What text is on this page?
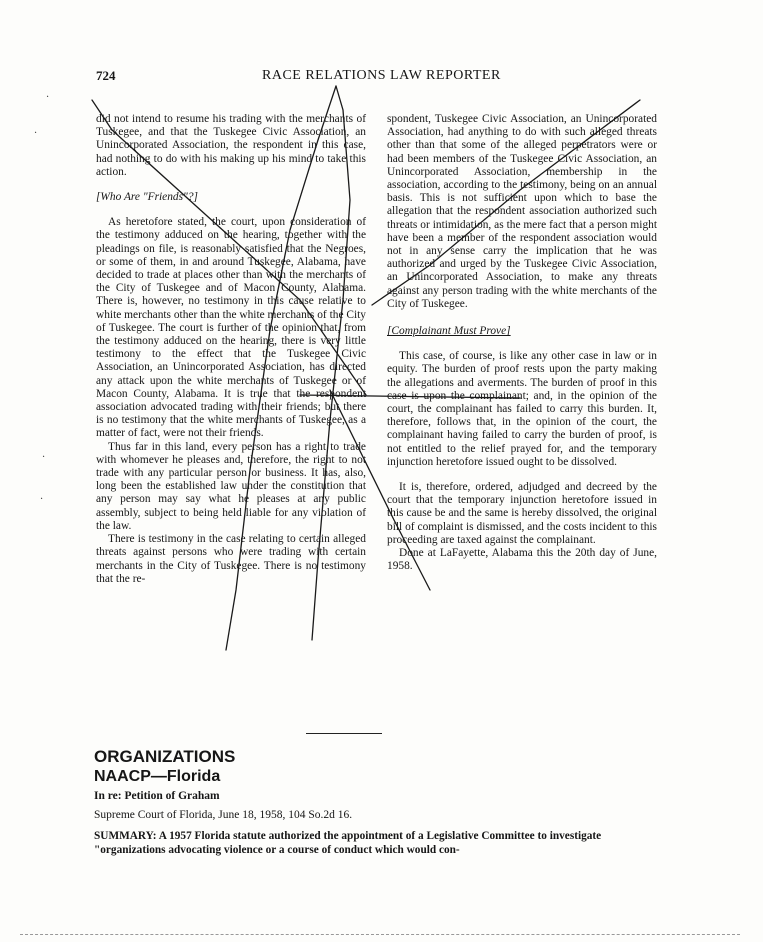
724	RACE RELATIONS LAW REPORTER

did not intend to resume his trading with the merchants of Tuskegee, and that the Tuskegee Civic Association, an Unincorporated Association, the respondent in this case, had nothing to do with his making up his mind to take this action.

[Who Are "Friends"?]

As heretofore stated, the court, upon consideration of the testimony adduced on the hearing, together with the pleadings on file, is reasonably satisfied that the Negroes, or some of them, in and around Tuskegee, Alabama, have decided to trade at places other than with the merchants of the City of Tuskegee and of Macon County, Alabama. There is, however, no testimony in this cause relative to white merchants other than the white merchants of the City of Tuskegee. The court is further of the opinion that, from the testimony adduced on the hearing, there is very little testimony to the effect that the Tuskegee Civic Association, an Unincorporated Association, has directed any attack upon the white merchants of Tuskegee or of Macon County, Alabama. It is true that the respondent association advocated trading with their friends; but there is no testimony that the white merchants of Tuskegee, as a matter of fact, were not their friends.

Thus far in this land, every person has a right to trade with whomever he pleases and, therefore, the right to not trade with any particular person or business. It has, also, long been the established law under the constitution that any person may say what he pleases at any public assembly, subject to being held liable for any violation of the law.

There is testimony in the case relating to certain alleged threats against persons who were trading with certain merchants in the City of Tuskegee. There is no testimony that the re-

spondent, Tuskegee Civic Association, an Unincorporated Association, had anything to do with such alleged threats other than that some of the alleged perpetrators were or had been members of the Tuskegee Civic Association, an Unincorporated Association, membership in the association, according to the testimony, being on an annual basis. This is not sufficient upon which to base the allegation that the respondent association authorized such threats or intimidation, as the mere fact that a person might have been a member of the respondent association would not in any sense carry the implication that he was authorized and urged by the Tuskegee Civic Association, an Unincorporated Association, to make any threats against any person trading with the white merchants of the City of Tuskegee.

[Complainant Must Prove]

This case, of course, is like any other case in law or in equity. The burden of proof rests upon the party making the allegations and averments. The burden of proof in this case is upon the complainant; and, in the opinion of the court, the complainant has failed to carry this burden. It, therefore, follows that, in the opinion of the court, the complainant having failed to carry the burden of proof, is not entitled to the relief prayed for, and the temporary injunction heretofore issued ought to be dissolved.

It is, therefore, ordered, adjudged and decreed by the court that the temporary injunction heretofore issued in this cause be and the same is hereby dissolved, the original bill of complaint is dismissed, and the costs incident to this proceeding are taxed against the complainant.

Done at LaFayette, Alabama this the 20th day of June, 1958.

ORGANIZATIONS
NAACP—Florida
In re: Petition of Graham
Supreme Court of Florida, June 18, 1958, 104 So.2d 16.
SUMMARY: A 1957 Florida statute authorized the appointment of a Legislative Committee to investigate "organizations advocating violence or a course of conduct which would con-
·
·
·
·
